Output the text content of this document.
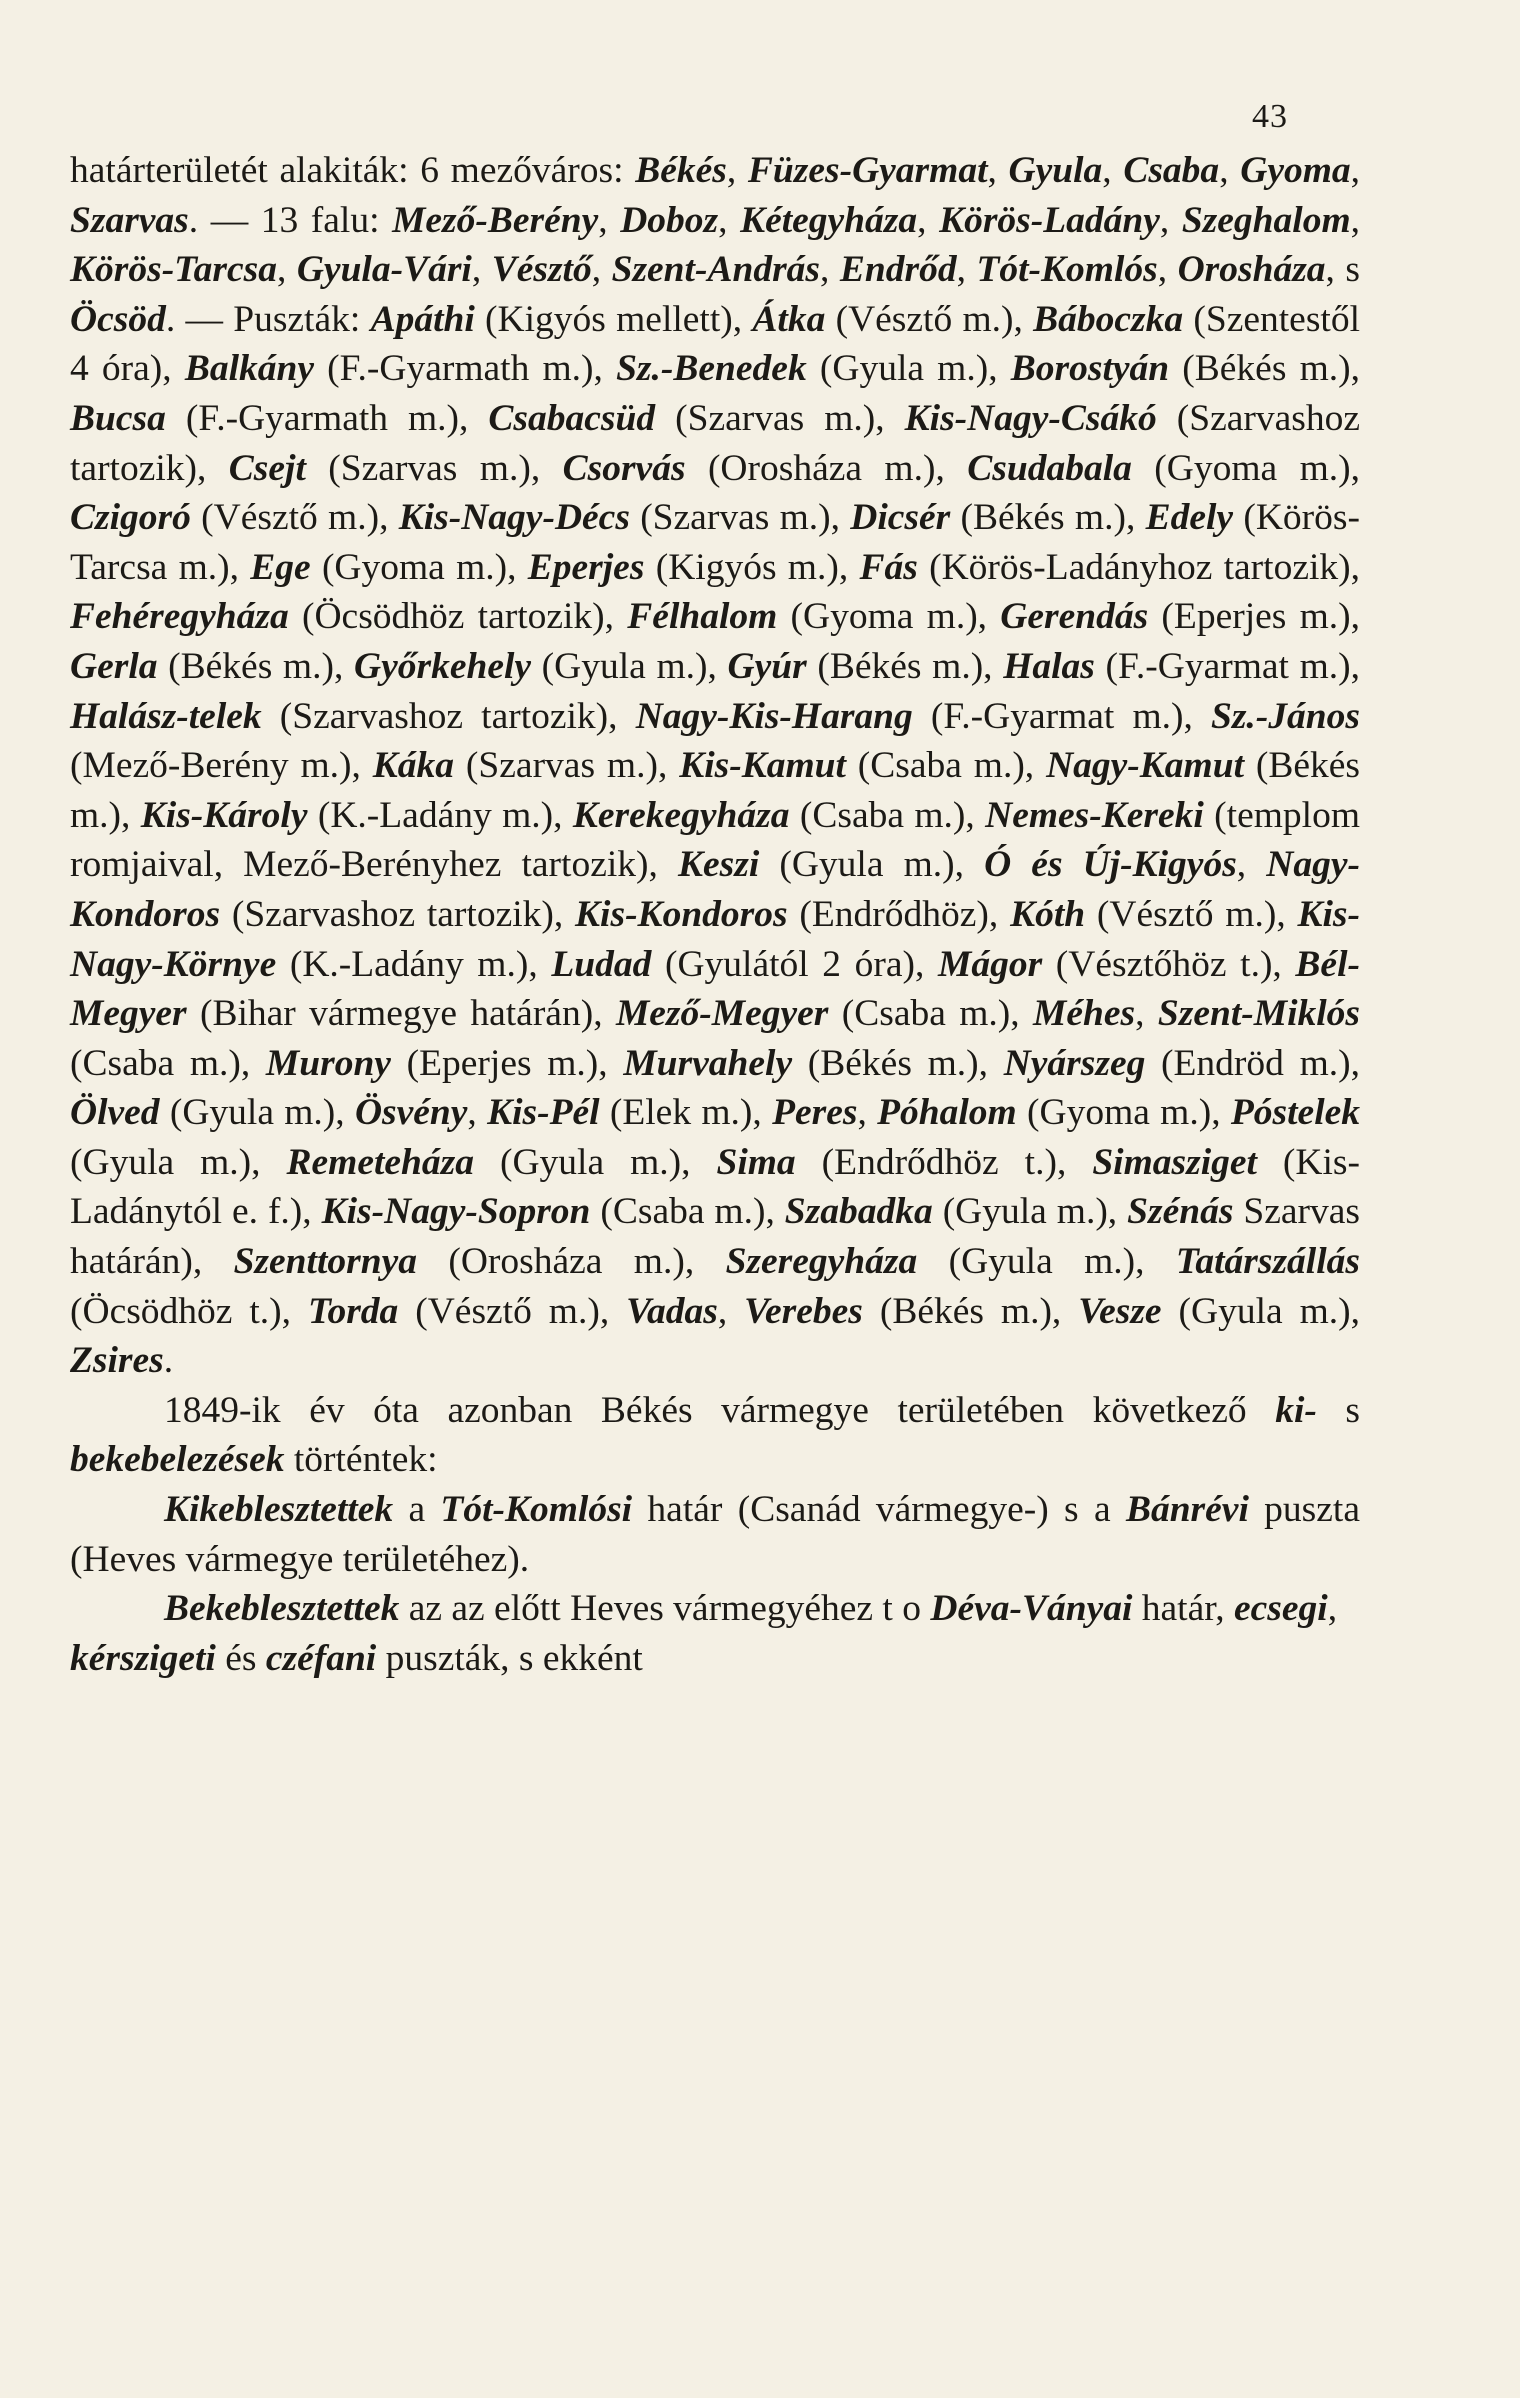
43

határterületét alakiták: 6 mezőváros: Békés, Füzes-Gyarmat, Gyula, Csaba, Gyoma, Szarvas. — 13 falu: Mező-Berény, Doboz, Kétegyháza, Körös-Ladány, Szeghalom, Körös-Tarcsa, Gyula-Vári, Vésztő, Szent-András, Endrőd, Tót-Komlós, Orosháza, s Öcsöd. — Puszták: Apáthi (Kigyós mellett), Átka (Vésztő m.), Báboczka (Szentestől 4 óra), Balkány (F.-Gyarmath m.), Sz.-Benedek (Gyula m.), Borostyán (Békés m.), Bucsa (F.-Gyarmath m.), Csabacsüd (Szarvas m.), Kis-Nagy-Csákó (Szarvashoz tartozik), Csejt (Szarvas m.), Csorvás (Orosháza m.), Csudabala (Gyoma m.), Czigoró (Vésztő m.), Kis-Nagy-Décs (Szarvas m.), Dicsér (Békés m.), Edely (Körös-Tarcsa m.), Ege (Gyoma m.), Eperjes (Kigyós m.), Fás (Körös-Ladányhoz tartozik), Fehéregyháza (Öcsödhöz tartozik), Félhalom (Gyoma m.), Gerendás (Eperjes m.), Gerla (Békés m.), Győrkehely (Gyula m.), Gyúr (Békés m.), Halas (F.-Gyarmat m.), Halász-telek (Szarvashoz tartozik), Nagy-Kis-Harang (F.-Gyarmat m.), Sz.-János (Mező-Berény m.), Káka (Szarvas m.), Kis-Kamut (Csaba m.), Nagy-Kamut (Békés m.), Kis-Károly (K.-Ladány m.), Kerekegyháza (Csaba m.), Nemes-Kereki (templom romjaival, Mező-Berényhez tartozik), Keszi (Gyula m.), Ó és Új-Kigyós, Nagy-Kondoros (Szarvashoz tartozik), Kis-Kondoros (Endrődhöz), Kóth (Vésztő m.), Kis-Nagy-Környe (K.-Ladány m.), Ludad (Gyulától 2 óra), Mágor (Vésztőhöz t.), Bél-Megyer (Bihar vármegye határán), Mező-Megyer (Csaba m.), Méhes, Szent-Miklós (Csaba m.), Murony (Eperjes m.), Murvahely (Békés m.), Nyárszeg (Endröd m.), Ölved (Gyula m.), Ösvény, Kis-Pél (Elek m.), Peres, Póhalom (Gyoma m.), Póstelek (Gyula m.), Remeteháza (Gyula m.), Sima (Endrődhöz t.), Simasziget (Kis-Ladánytól e. f.), Kis-Nagy-Sopron (Csaba m.), Szabadka (Gyula m.), Szénás Szarvas határán), Szenttornya (Orosháza m.), Szeregyháza (Gyula m.), Tatárszállás (Öcsödhöz t.), Torda (Vésztő m.), Vadas, Verebes (Békés m.), Vesze (Gyula m.), Zsires.

1849-ik év óta azonban Békés vármegye területében következő ki- s bekebelezések történtek:

Kikeblesztettek a Tót-Komlósi határ (Csanád vármegye-) s a Bánrévi puszta (Heves vármegye területéhez).

Bekeblesztettek az az előtt Heves vármegyéhez t o Déva-Ványai határ, ecsegi, kérszigeti és czéfani puszták, s ekként
